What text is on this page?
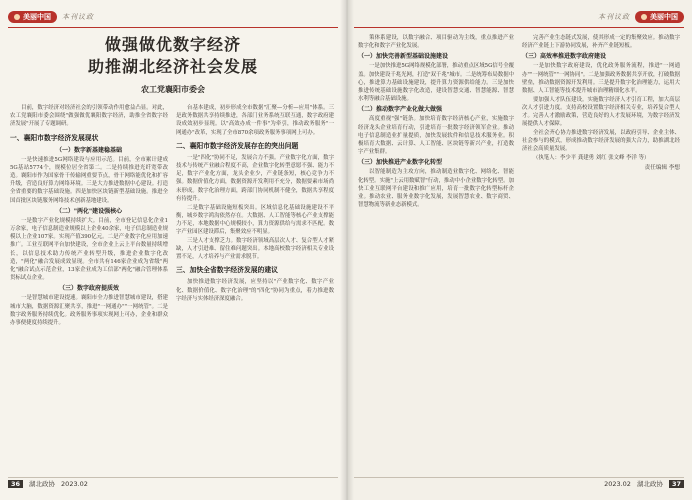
美丽中国 本刊议政
做强做优数字经济
助推湖北经济社会发展
农工党襄阳市委会

目前，数字经济对经济社会的引领带动作用愈益凸显。对此，农工党襄阳市委会围绕"做强做优襄阳数字经济，助推全省数字经济发展"开展了专题调研。

一、襄阳市数字经济发展现状
（一）数字新基建稳基础

一是快速推进5G网络建设与应用示范。目前，全市累计建成5G基站5774个，规模位居全省第二。二是持续推进光纤宽带改造。襄阳市作为国家骨干传输网重要节点，骨干网络能优化和扩容升级，营造良好算力网络环境。三是大力推进数据中心建设。打造全省重要的数字基础设施。四是加快区块链新型基础设施。推进全国首批区块链服务网络技术创新基地建设。

（二）"两化"建设强核心

一是数字产业化规模持续扩大。目前，全市登记信息化企业1万余家，电子信息制造业规模以上企业40余家，电子信息制造业规模以上企业107家。实现产值390亿元。二是产业数字化应用加速推广。工业互联网平台加快建设，全市企业上云上平台数量持续增长，以信息技术助力传统产业转型升级，推进企业数字化改造，"两化"融合发展成效显现。全市共有146家企业成为省级"两化"融合试点示范企业，13家企业成为工信部"两化"融合管理体系贯标试点企业。

（三）数字政府提质效

一是智慧城市建设提速。襄阳市全力推进智慧城市建设，搭建城市大脑，数据资源汇聚共享，推进"一网通办""一网统管"。二是数字政务服务持续优化。政务服务事项实现网上可办，企业和群众办事便捷度持续提升。

台基本建成，初步形成全市数据"汇聚—分析—应用"体系。三是政务数据共享持续推进，各部门业务系统互联互通，数字政府建设成效初步显现。以"高效办成一件事"为牵引，推动政务服务"一网通办"改革，实现了全市870余项政务服务事项网上可办。

二、襄阳市数字经济发展存在的突出问题

一是"四化"协同不足，发展合力不强。产业数字化方面，数字技术与传统产业融合程度不高，企业数字化转型意愿不强、能力不足，数字产业化方面，龙头企业少，产业链条短，核心竞争力不强。数据价值化方面，数据资源开发利用不充分，数据要素市场尚未形成。数字化治理方面，跨部门协同机制不健全，数据共享程度有待提升。

二是数字基础设施短板突出。区域信息化基础设施建设不平衡，城乡数字鸿沟依然存在。大数据、人工智能等核心产业支撑能力不足，本地数据中心规模较小，算力资源供给与需求不匹配。数字产业园区建设滞后，集聚效应不明显。

三是人才支撑乏力。数字经济领域高层次人才、复合型人才紧缺，人才引进难、留住难问题突出。本地高校数字经济相关专业设置不足，人才培养与产业需求脱节。

三、加快全省数字经济发展的建议

加快推进数字经济发展，应坚持以"产业数字化、数字产业化、数据价值化、数字化治理"的"四化"协同为重点，着力推进数字经济与实体经济深度融合。

36	湖北政协 2023.02
本刊议政	美丽中国

策体系建设，以数字融合、项目驱动为主线，重点推进产业数字化和数字产业化发展。

（一）加快完善新型基础设施建设

一是加快推进5G网络规模化部署，推动重点区域5G信号全覆盖。加快建设千兆光网，打造"双千兆"城市。二是统筹布局数据中心，推进算力基础设施建设，提升算力资源供给能力。三是加快推进传统基础设施数字化改造，建设智慧交通、智慧能源、智慧水利等融合基础设施。

（二）推动数字产业化做大做强

高度重视"强"链条。加快培育数字经济核心产业，实施数字经济龙头企业培育行动，引进培育一批数字经济领军企业。推动电子信息制造业扩量提质，加快发展软件和信息技术服务业。积极培育大数据、云计算、人工智能、区块链等新兴产业，打造数字产业集群。

（三）加快推进产业数字化转型

以智能制造为主攻方向，推动制造业数字化、网络化、智能化转型。实施"上云用数赋智"行动，推动中小企业数字化转型。加快工业互联网平台建设和推广应用，培育一批数字化转型标杆企业。推动农业、服务业数字化发展，发展智慧农业、数字商贸、智慧物流等新业态新模式。

完善产业生态链式发展，使其形成一定的集聚效应。推动数字经济产业链上下游协同发展，补齐产业链短板。

（三）高效率推进数字政府建设

一是加快数字政府建设，优化政务服务流程，推进"一网通办""一网统管""一网协同"。二是加强政务数据共享开放，打破数据壁垒，推动数据资源开发利用。三是提升数字化治理能力，运用大数据、人工智能等技术提升城市治理精细化水平。

要加强人才队伍建设。实施数字经济人才引育工程，加大高层次人才引进力度。支持高校设置数字经济相关专业，培养复合型人才。完善人才激励政策，营造良好的人才发展环境，为数字经济发展提供人才保障。

全社会齐心协力推进数字经济发展，以政府引导、企业主体、社会参与的模式，形成推动数字经济发展的强大合力，助推湖北经济社会高质量发展。

（执笔人：李少平 龚建勇 刘红 张文峰 李洋 等）

责任编辑 李想
2023.02 湖北政协	37
